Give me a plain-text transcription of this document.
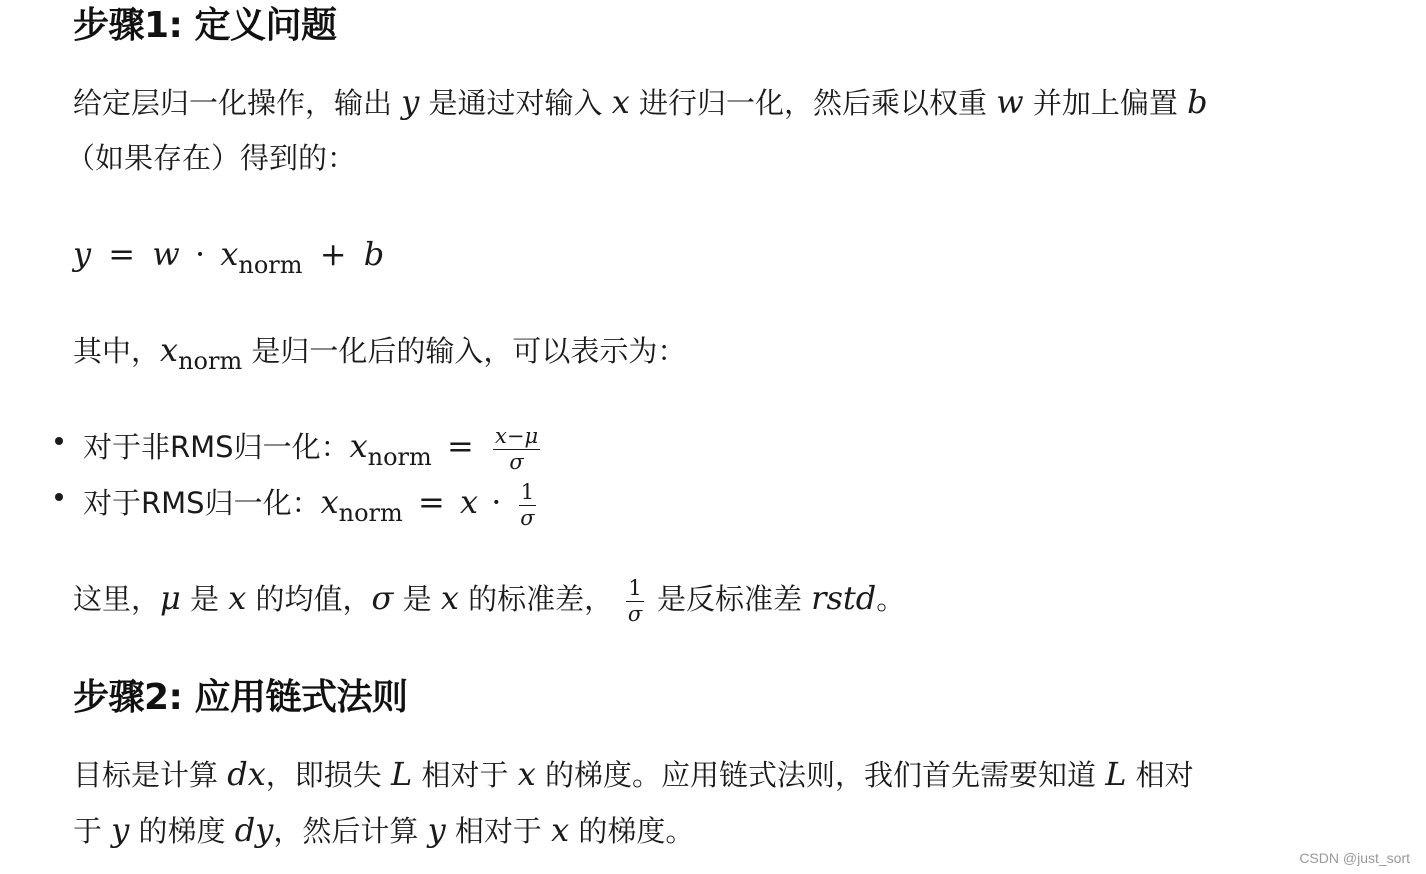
步骤1: 定义问题
给定层归一化操作，输出 y 是通过对输入 x 进行归一化，然后乘以权重 w 并加上偏置 b
（如果存在）得到的：
$y = w \cdot x_{norm} + b$
其中，$x_{norm}$ 是归一化后的输入，可以表示为：
对于非RMS归一化：$x_{norm} = \frac{x-\mu}{\sigma}$
对于RMS归一化：$x_{norm} = x \cdot \frac{1}{\sigma}$
这里，μ 是 x 的均值，σ 是 x 的标准差， $\frac{1}{\sigma}$ 是反标准差 rstd。
步骤2: 应用链式法则
目标是计算 dx，即损失 L 相对于 x 的梯度。应用链式法则，我们首先需要知道 L 相对
于 y 的梯度 dy，然后计算 y 相对于 x 的梯度。
CSDN @just_sort
